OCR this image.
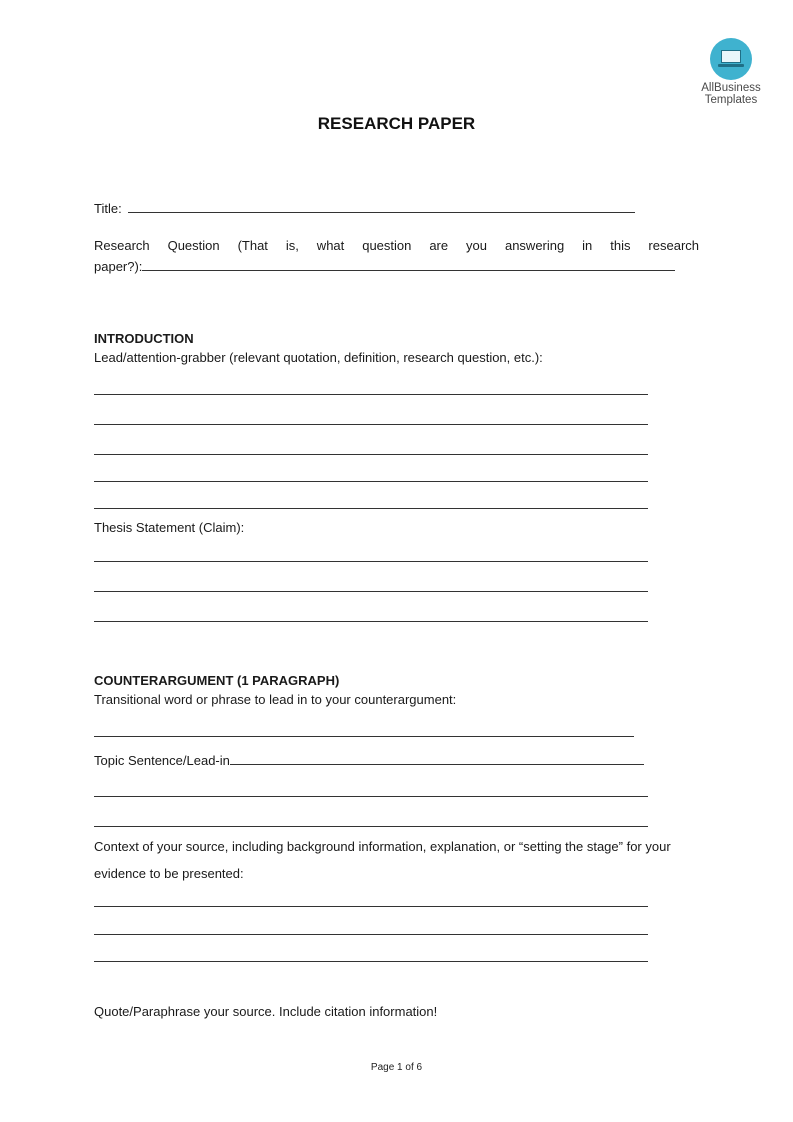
AllBusiness
Templates
RESEARCH PAPER
Title:
Research Question (That is, what question are you answering in this research
paper?):
INTRODUCTION
Lead/attention-grabber (relevant quotation, definition, research question, etc.):
Thesis Statement (Claim):
COUNTERARGUMENT (1 PARAGRAPH)
Transitional word or phrase to lead in to your counterargument:
Topic Sentence/Lead-in
Context of your source, including background information, explanation, or “setting the stage” for your
evidence to be presented:
Quote/Paraphrase your source. Include citation information!
Page 1 of 6
